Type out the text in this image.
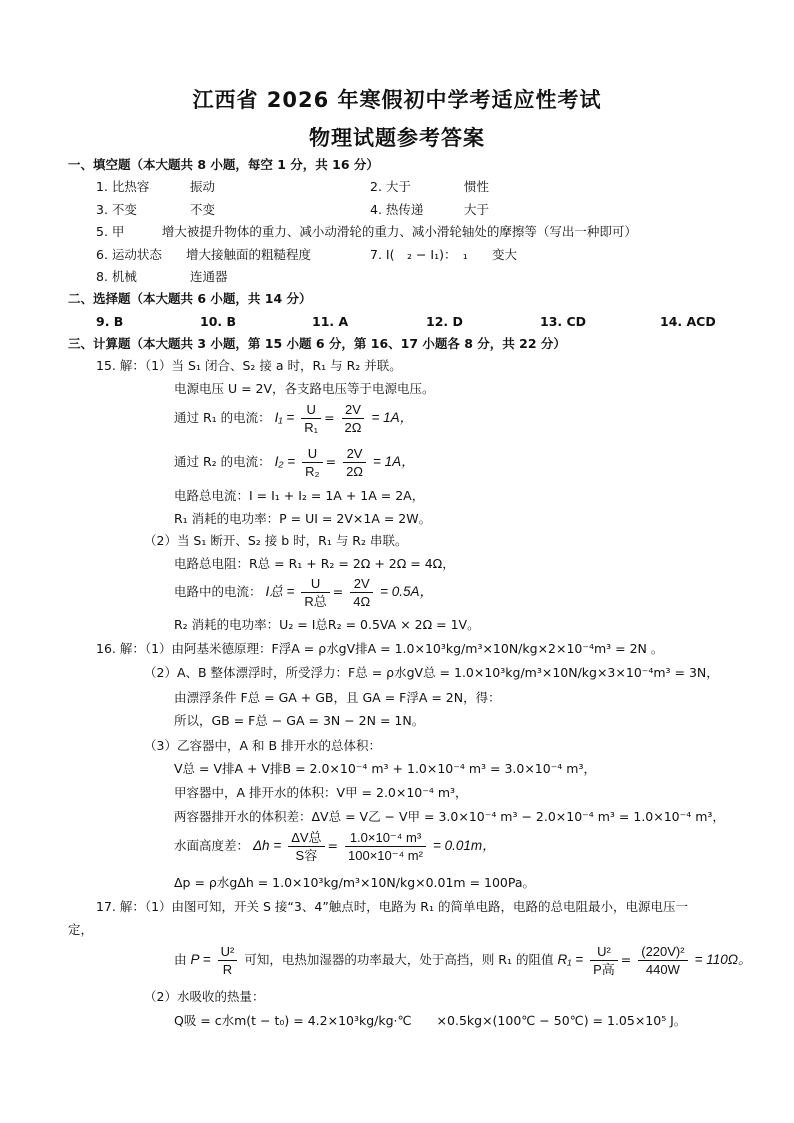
江西省 2026 年寒假初中学考适应性考试
物理试题参考答案
一、填空题（本大题共 8 小题，每空 1 分，共 16 分）
1. 比热容	振动	2. 大于	惯性
3. 不变	不变	4. 热传递	大于
5. 甲　　　增大被提升物体的重力、减小动滑轮的重力、减小滑轮轴处的摩擦等（写出一种即可）
6. 运动状态 增大接触面的粗糙程度	7. I(　₂ − I₁)：　₁ 变大
8. 机械	连通器
二、选择题（本大题共 6 小题，共 14 分）
9. B	10. B	11. A	12. D	13. CD	14. ACD
三、计算题（本大题共 3 小题，第 15 小题 6 分，第 16、17 小题各 8 分，共 22 分）
15. 解：（1）当 S₁ 闭合、S₂ 接 a 时，R₁ 与 R₂ 并联。
电源电压 U = 2V，各支路电压等于电源电压。
通过 R₁ 的电流： $I_1 = \frac{U}{\text{R₁}} = \frac{2V}{2\Omega} = 1A$，
通过 R₂ 的电流： $I_2 = \frac{U}{\text{R₂}} = \frac{2V}{2\Omega} = 1A$，
电路总电流：I = I₁ + I₂ = 1A + 1A = 2A，
R₁ 消耗的电功率：P = UI = 2V×1A = 2W。
（2）当 S₁ 断开、S₂ 接 b 时，R₁ 与 R₂ 串联。
电路总电阻：R总 = R₁ + R₂ = 2Ω + 2Ω = 4Ω，
电路中的电流： I总 = $\frac{U}{\text{R总}} = \frac{2V}{4\Omega} = 0.5A$，
R₂ 消耗的电功率：U₂ = I总R₂ = 0.5VA × 2Ω = 1V。
16. 解：（1）由阿基米德原理：F浮A = ρ水gV排A = 1.0×10³kg/m³×10N/kg×2×10⁻⁴m³ = 2N 。
（2）A、B 整体漂浮时，所受浮力：F总 = ρ水gV总 = 1.0×10³kg/m³×10N/kg×3×10⁻⁴m³ = 3N，
由漂浮条件 F总 = GA + GB，且 GA = F浮A = 2N，得：
所以，GB = F总 − GA = 3N − 2N = 1N。
（3）乙容器中，A 和 B 排开水的总体积：
V总 = V排A + V排B = 2.0×10⁻⁴ m³ + 1.0×10⁻⁴ m³ = 3.0×10⁻⁴ m³，
甲容器中，A 排开水的体积：V甲 = 2.0×10⁻⁴ m³，
两容器排开水的体积差：ΔV总 = V乙 − V甲 = 3.0×10⁻⁴ m³ − 2.0×10⁻⁴ m³ = 1.0×10⁻⁴ m³，
水面高度差： $\Delta h = \frac{\text{ΔV总}}{\text{S容}} = \frac{\text{1.0×10⁻⁴ m³}}{\text{100×10⁻⁴ m²}} = 0.01m$，
Δp = ρ水gΔh = 1.0×10³kg/m³×10N/kg×0.01m = 100Pa。
17. 解：（1）由图可知，开关 S 接“3、4”触点时，电路为 R₁ 的简单电路，电路的总电阻最小，电源电压一
定，
由 $P = \frac{\text{U²}}{R}$ 可知，电热加湿器的功率最大，处于高挡，则 R₁ 的阻值 $R_1 = \frac{\text{U²}}{\text{P高}} = \frac{\text{(220V)²}}{440W} = 110\Omega$。
（2）水吸收的热量：
Q吸 = c水m(t − t₀) = 4.2×10³kg/kg·℃　　×0.5kg×(100℃ − 50℃) = 1.05×10⁵ J。
